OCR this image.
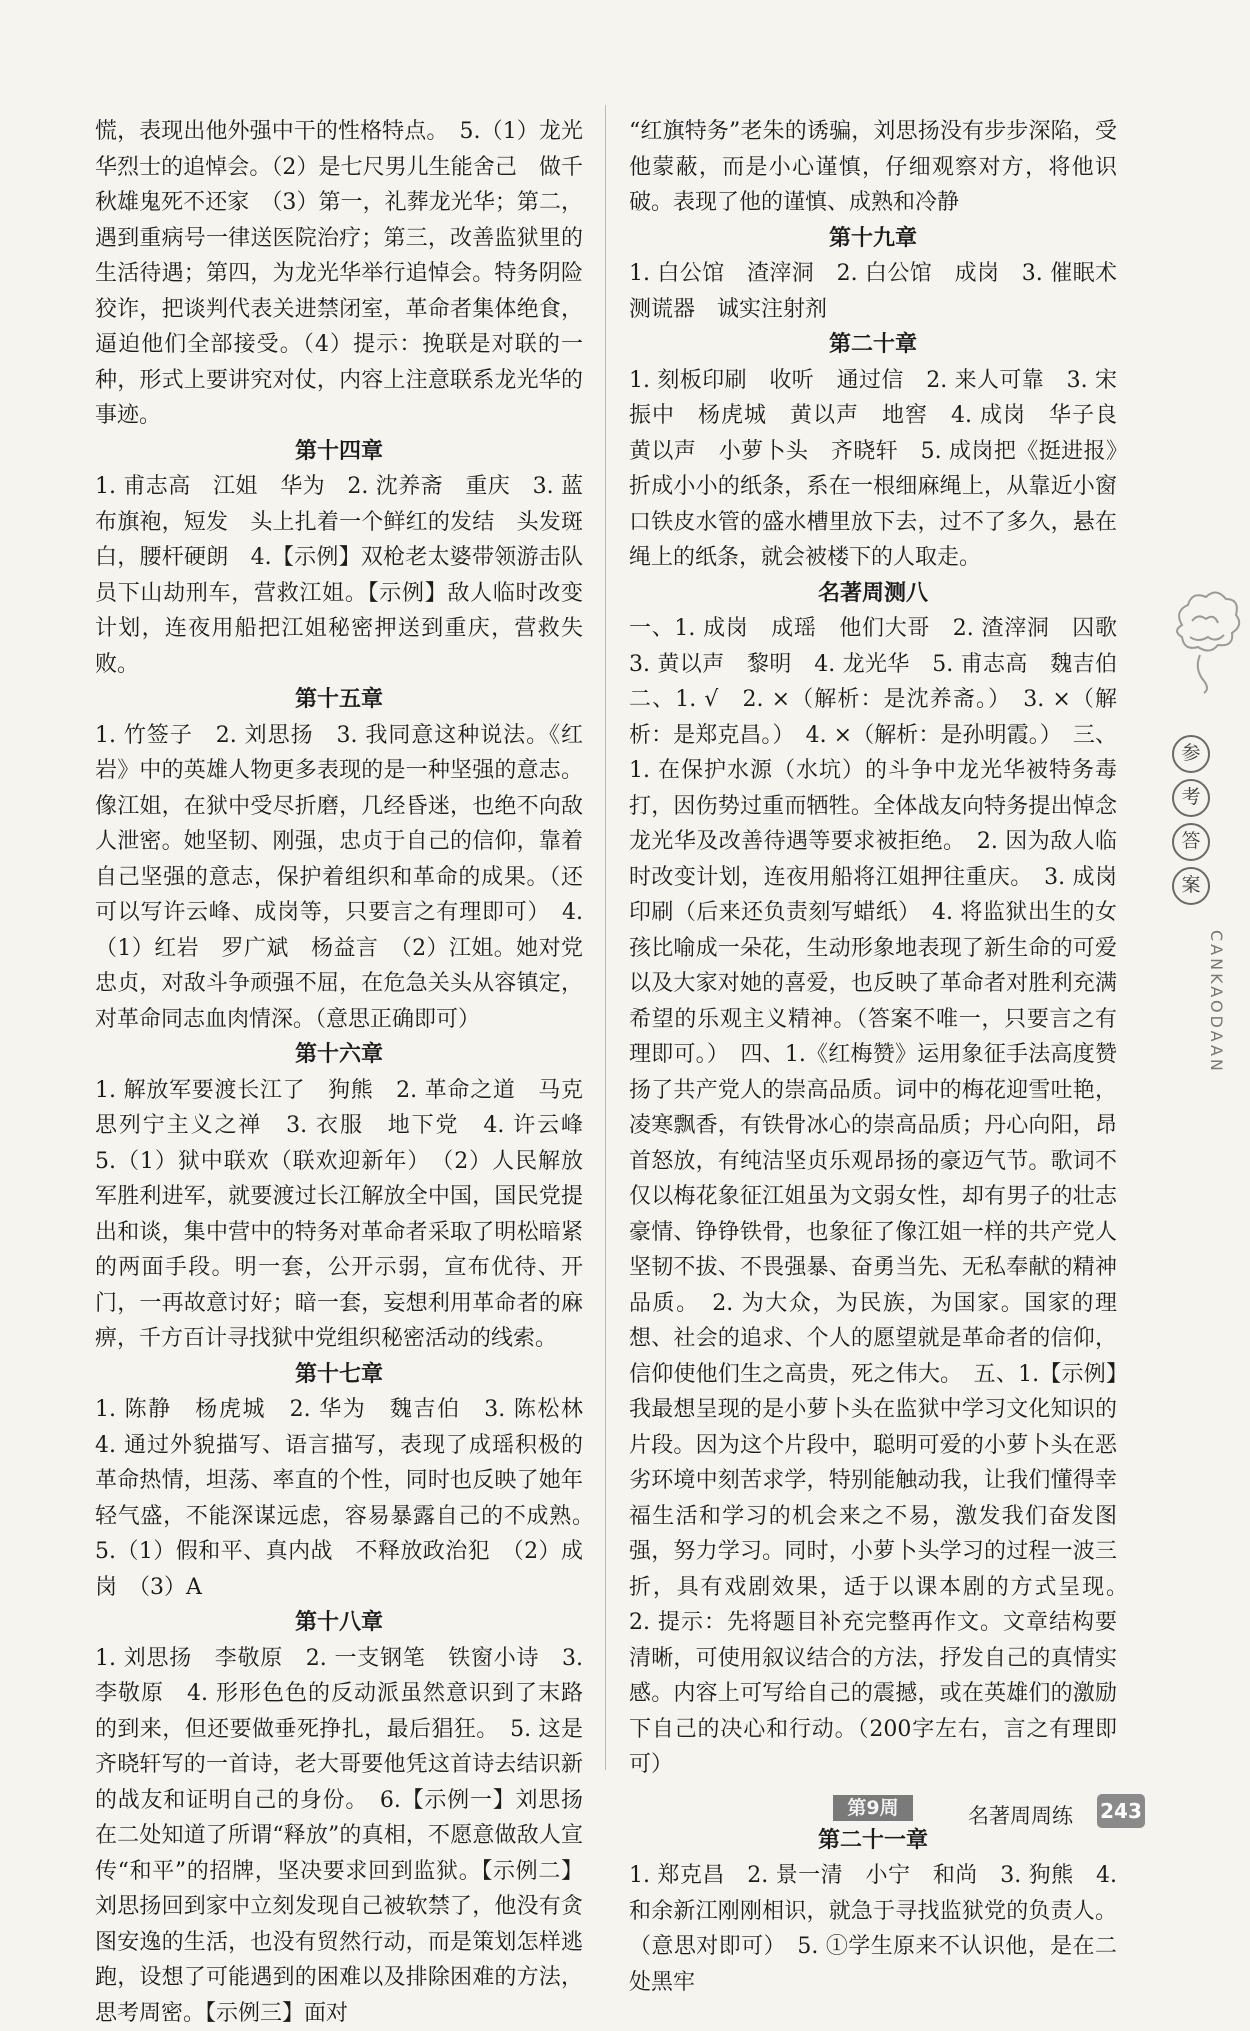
慌，表现出他外强中干的性格特点。　5.（1）龙光华烈士的追悼会。（2）是七尺男儿生能舍己　做千秋雄鬼死不还家　（3）第一，礼葬龙光华；第二，遇到重病号一律送医院治疗；第三，改善监狱里的生活待遇；第四，为龙光华举行追悼会。特务阴险狡诈，把谈判代表关进禁闭室，革命者集体绝食，逼迫他们全部接受。（4）提示：挽联是对联的一种，形式上要讲究对仗，内容上注意联系龙光华的事迹。

第十四章

1. 甫志高　江姐　华为　2. 沈养斋　重庆　3. 蓝布旗袍，短发　头上扎着一个鲜红的发结　头发斑白，腰杆硬朗　4.【示例】双枪老太婆带领游击队员下山劫刑车，营救江姐。【示例】敌人临时改变计划，连夜用船把江姐秘密押送到重庆，营救失败。

第十五章

1. 竹签子　2. 刘思扬　3. 我同意这种说法。《红岩》中的英雄人物更多表现的是一种坚强的意志。像江姐，在狱中受尽折磨，几经昏迷，也绝不向敌人泄密。她坚韧、刚强，忠贞于自己的信仰，靠着自己坚强的意志，保护着组织和革命的成果。（还可以写许云峰、成岗等，只要言之有理即可）　4.（1）红岩　罗广斌　杨益言　（2）江姐。她对党忠贞，对敌斗争顽强不屈，在危急关头从容镇定，对革命同志血肉情深。（意思正确即可）

第十六章

1. 解放军要渡长江了　狗熊　2. 革命之道　马克思列宁主义之禅　3. 衣服　地下党　4. 许云峰　5.（1）狱中联欢（联欢迎新年）　（2）人民解放军胜利进军，就要渡过长江解放全中国，国民党提出和谈，集中营中的特务对革命者采取了明松暗紧的两面手段。明一套，公开示弱，宣布优待、开门，一再故意讨好；暗一套，妄想利用革命者的麻痹，千方百计寻找狱中党组织秘密活动的线索。

第十七章

1. 陈静　杨虎城　2. 华为　魏吉伯　3. 陈松林　4. 通过外貌描写、语言描写，表现了成瑶积极的革命热情，坦荡、率直的个性，同时也反映了她年轻气盛，不能深谋远虑，容易暴露自己的不成熟。　5.（1）假和平、真内战　不释放政治犯　（2）成岗　（3）A

第十八章

1. 刘思扬　李敬原　2. 一支钢笔　铁窗小诗　3. 李敬原　4. 形形色色的反动派虽然意识到了末路的到来，但还要做垂死挣扎，最后猖狂。　5. 这是齐晓轩写的一首诗，老大哥要他凭这首诗去结识新的战友和证明自己的身份。　6.【示例一】刘思扬在二处知道了所谓“释放”的真相，不愿意做敌人宣传“和平”的招牌，坚决要求回到监狱。【示例二】刘思扬回到家中立刻发现自己被软禁了，他没有贪图安逸的生活，也没有贸然行动，而是策划怎样逃跑，设想了可能遇到的困难以及排除困难的方法，思考周密。【示例三】面对

“红旗特务”老朱的诱骗，刘思扬没有步步深陷，受他蒙蔽，而是小心谨慎，仔细观察对方，将他识破。表现了他的谨慎、成熟和冷静

第十九章

1. 白公馆　渣滓洞　2. 白公馆　成岗　3. 催眠术　测谎器　诚实注射剂

第二十章

1. 刻板印刷　收听　通过信　2. 来人可靠　3. 宋振中　杨虎城　黄以声　地窖　4. 成岗　华子良　黄以声　小萝卜头　齐晓轩　5. 成岗把《挺进报》折成小小的纸条，系在一根细麻绳上，从靠近小窗口铁皮水管的盛水槽里放下去，过不了多久，悬在绳上的纸条，就会被楼下的人取走。

名著周测八

一、1. 成岗　成瑶　他们大哥　2. 渣滓洞　囚歌　3. 黄以声　黎明　4. 龙光华　5. 甫志高　魏吉伯　二、1. √　2. ×（解析：是沈养斋。）　3. ×（解析：是郑克昌。）　4. ×（解析：是孙明霞。）　三、1. 在保护水源（水坑）的斗争中龙光华被特务毒打，因伤势过重而牺牲。全体战友向特务提出悼念龙光华及改善待遇等要求被拒绝。　2. 因为敌人临时改变计划，连夜用船将江姐押往重庆。　3. 成岗　印刷（后来还负责刻写蜡纸）　4. 将监狱出生的女孩比喻成一朵花，生动形象地表现了新生命的可爱以及大家对她的喜爱，也反映了革命者对胜利充满希望的乐观主义精神。（答案不唯一，只要言之有理即可。）　四、1.《红梅赞》运用象征手法高度赞扬了共产党人的崇高品质。词中的梅花迎雪吐艳，凌寒飘香，有铁骨冰心的崇高品质；丹心向阳，昂首怒放，有纯洁坚贞乐观昂扬的豪迈气节。歌词不仅以梅花象征江姐虽为文弱女性，却有男子的壮志豪情、铮铮铁骨，也象征了像江姐一样的共产党人坚韧不拔、不畏强暴、奋勇当先、无私奉献的精神品质。　2. 为大众，为民族，为国家。国家的理想、社会的追求、个人的愿望就是革命者的信仰，信仰使他们生之高贵，死之伟大。　五、1.【示例】我最想呈现的是小萝卜头在监狱中学习文化知识的片段。因为这个片段中，聪明可爱的小萝卜头在恶劣环境中刻苦求学，特别能触动我，让我们懂得幸福生活和学习的机会来之不易，激发我们奋发图强，努力学习。同时，小萝卜头学习的过程一波三折，具有戏剧效果，适于以课本剧的方式呈现。　2. 提示：先将题目补充完整再作文。文章结构要清晰，可使用叙议结合的方法，抒发自己的真情实感。内容上可写给自己的震撼，或在英雄们的激励下自己的决心和行动。（200字左右，言之有理即可）

第9周
第二十一章

1. 郑克昌　2. 景一清　小宁　和尚　3. 狗熊　4. 和余新江刚刚相识，就急于寻找监狱党的负责人。（意思对即可）　5. ①学生原来不认识他，是在二处黑牢

参
考
答
案
CANKAODAAN
名著周周练 243
